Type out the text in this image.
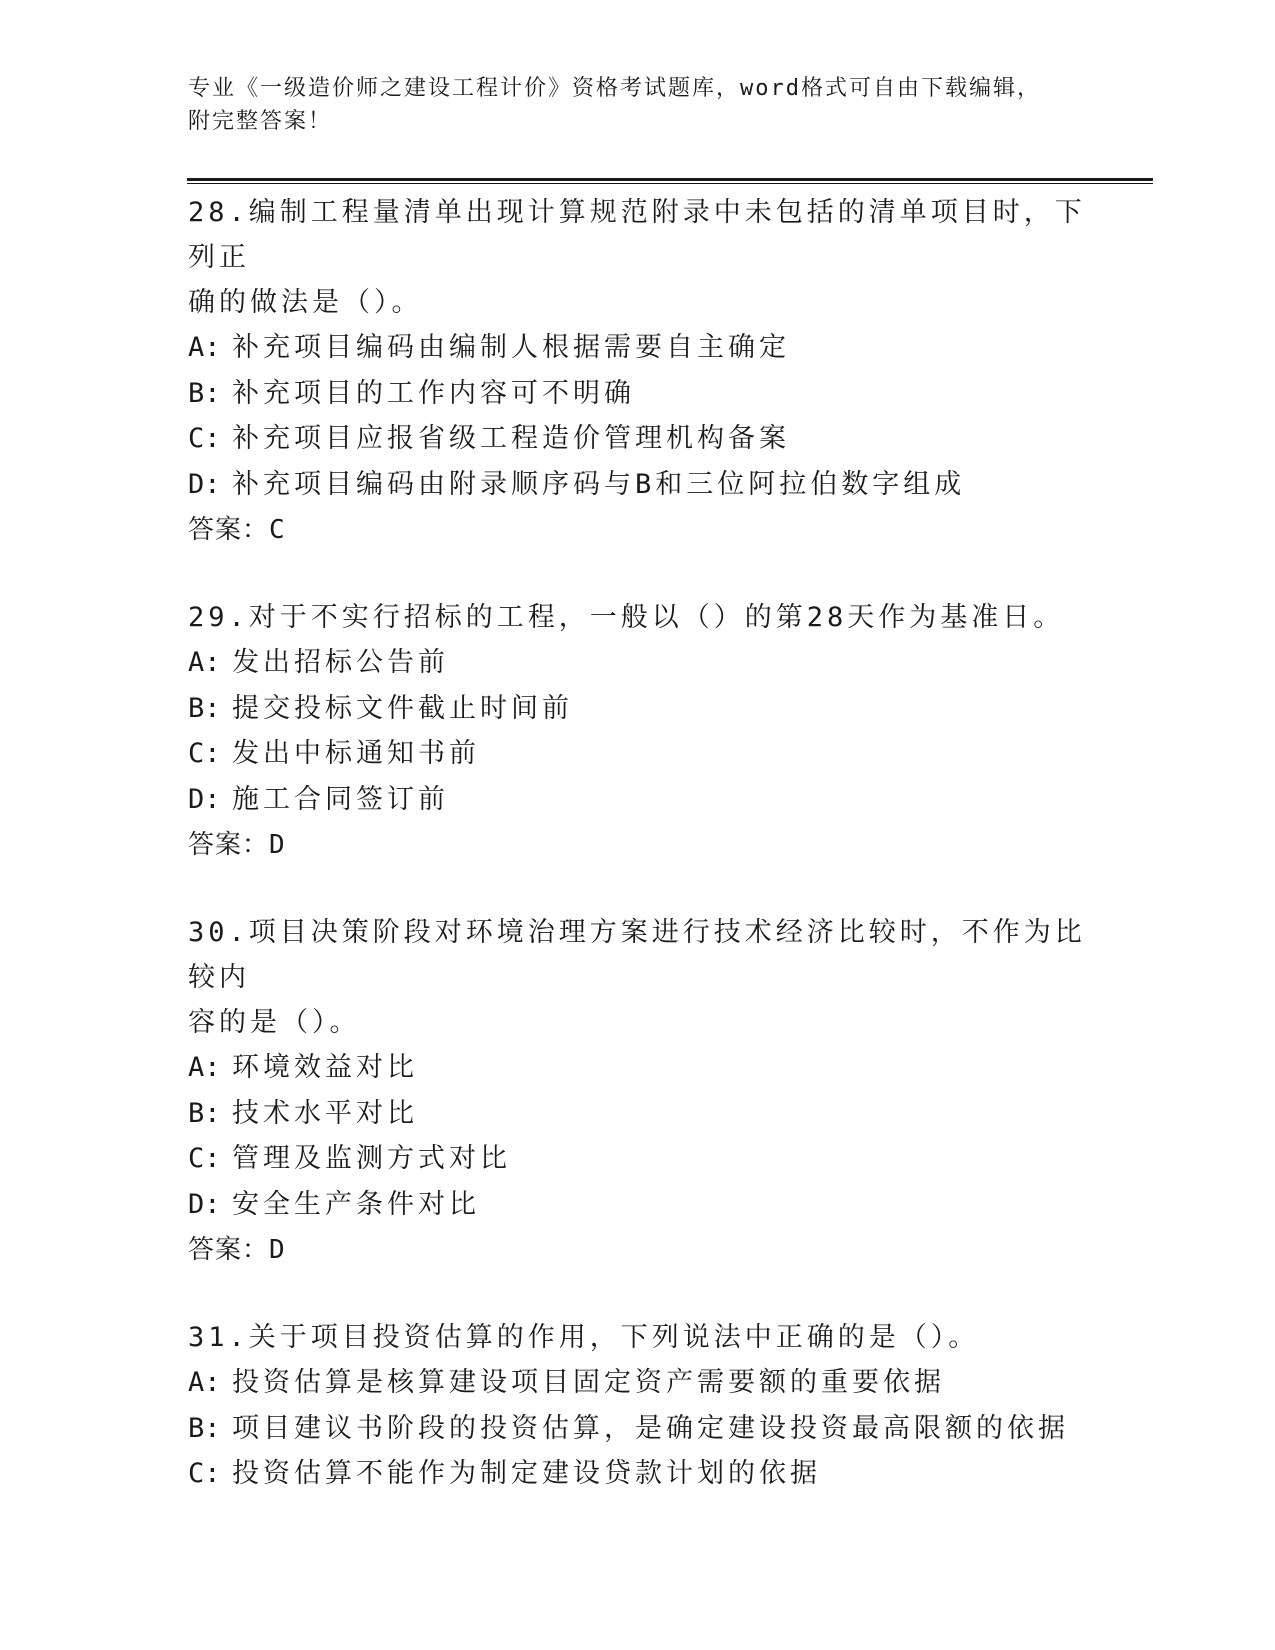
专业《一级造价师之建设工程计价》资格考试题库，word格式可自由下载编辑，
附完整答案！

28.编制工程量清单出现计算规范附录中未包括的清单项目时，下列正
确的做法是（）。

A: 补充项目编码由编制人根据需要自主确定

B: 补充项目的工作内容可不明确

C: 补充项目应报省级工程造价管理机构备案

D: 补充项目编码由附录顺序码与B和三位阿拉伯数字组成

答案：C

29.对于不实行招标的工程，一般以（）的第28天作为基准日。

A: 发出招标公告前

B: 提交投标文件截止时间前

C: 发出中标通知书前

D: 施工合同签订前

答案：D

30.项目决策阶段对环境治理方案进行技术经济比较时，不作为比较内
容的是（）。

A: 环境效益对比

B: 技术水平对比

C: 管理及监测方式对比

D: 安全生产条件对比

答案：D

31.关于项目投资估算的作用，下列说法中正确的是（）。

A: 投资估算是核算建设项目固定资产需要额的重要依据

B: 项目建议书阶段的投资估算，是确定建设投资最高限额的依据

C: 投资估算不能作为制定建设贷款计划的依据
